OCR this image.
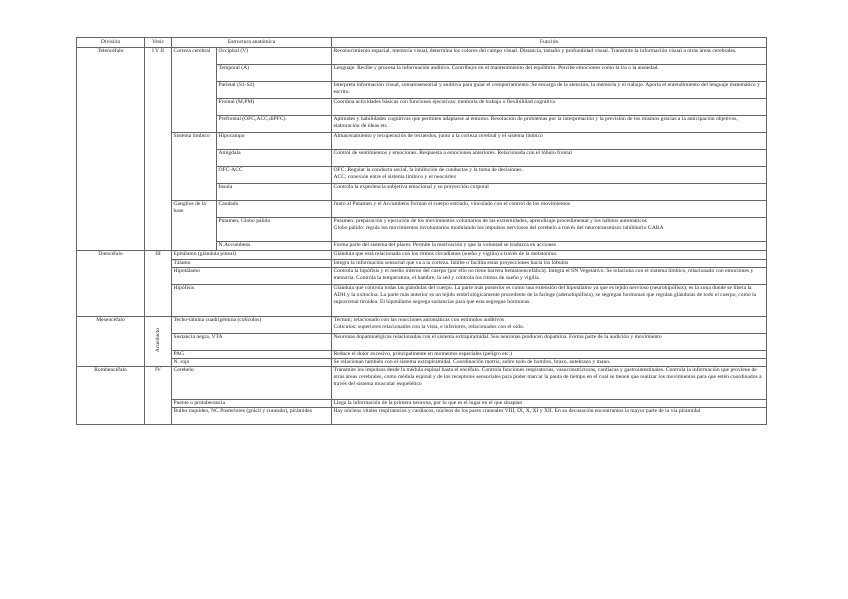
División	Vesíc	Estructura anatómica		Función
Telencéfalo	I Y II	Corteza cerebral	Occipital (V)	Reconocimiento espacial, memoria visual, determina los colores del campo visual. Distancia, tamaño y profundidad visual. Transmite la información visual a otras áreas cerebrales.
			Temporal (A)	Lenguaje. Recibe y procesa la información auditiva. Contribuye en el mantenimiento del equilibrio. Percibe emociones como la ira o la ansiedad.
			Parietal (S1-S2)	Interpreta información visual, somatosensorial y auditiva para guiar el comportamiento. Se encarga de la atención, la memoria y el trabajo. Aporta el entendimiento del lenguaje matemático y escrito.
			Frontal (M,PM)	Coordina actividades básicas con funciones ejecutivas: memoria de trabajo o flexibilidad cognitiva
			Prefrontal (OFC,ACC,dlPFC)	Aptitudes y habilidades cognitivas que permiten adaptarse al entorno. Resolución de problemas por la interpretación y la previsión de los mismos gracias a la anticipación objetivos, elaboración de ideas etc.
		Sistema límbico	Hipocampo	Almacenamiento y recuperación de recuerdos, junto a la corteza cerebral y el sistema límbico
			Amígdala	Control de sentimientos y emociones. Respuesta a emociones anteriores. Relacionada con el lóbulo frontal
			OFC-ACC	OFC: Regular la conducta social, la inhibición de conductas y la toma de decisiones.
ACC: conexión entre el sistema límbico y el neocórtex

			Ínsula	Controla la experiencia subjetiva emocional y su proyección corporal
		Ganglios de la base	Caudado	Junto al Putamen y el Accumbens forman el cuerpo estriado, vinculado con el control de los movimientos
			Putamen, Globo pálido	Putamen: preparación y ejecución de los movimientos voluntarios de las extremidades, aprendizaje procedimental y los hábitos automáticos
Globo pálido: regula los movimientos involuntarios modulando los impulsos nerviosos del cerebelo a través del neurotransmisor inhibitorio GABA

			N.Accumbens	Forma parte del sistema del placer. Permite la motivación y que la voluntad se traduzca en acciones
Diencéfalo	III	Epitálamo (glándula pineal)		Glándula que está relacionada con los ritmos circadianos (sueño y vigilia) a través de la melatonina.
		Tálamo		Integra la información sensorial que va a la corteza. Inhibe o facilita estas proyecciones hacia los lóbulos
		Hipotálamo		Controla la hipófisis y el medio interno del cuerpo (por ello no tiene barrera hematoencefálica). Integra el SN Vegetativo. Se relaciona con el sistema límbico, relacionado con emociones y memoria. Controla la temperatura, el hambre, la sed y controla los ritmos de sueño y vigilia.
		Hipófisis		Glándula que controla todas las glándulas del cuerpo. La parte más posterior es como una extensión del hipotálamo ya que es tejido nervioso (neurohipófisis); es la zona donde se libera la ADH y la oxitocina. La parte más anterior es un tejido embriológicamente procedente de la faringe (adenohipófisis), se segregan hormonas que regulan glándulas de todo el cuerpo, como la suprarrenal tiroidea. El hipotálamo segrega sustancias para que esta segregue hormonas.
Mesencéfalo	Acueducto	Techo-lámina cuadrigémina (colículos)		Téctum; relacionado con las reacciones automáticas con estímulos auditivos
Colículos: superiores relacionados con la vista, e inferiores, relacionados con el oído.

		Sustancia negra, VTA		Neuronas dopaminérgicas relacionadas con el sistema extrapiramidal. Sus neuronas producen dopamina. Forma parte de la audición y movimiento
		PAG		Reduce el dolor excesivo, principalmente en momentos especiales (peligro etc.)
		N. rojo		Se relacionan también con el sistema extrapiramidal. Coordinación motriz, sobre todo de hombro, brazo, antebrazo y mano.
Rombencéfalo	IV	Cerebelo		Transmite los impulsos desde la médula espinal hasta el encéfalo. Controla funciones respiratorias, vasoconstrictoras, cardíacas y gastrointestinales. Controla la información que proviene de otras áreas cerebrales, como médula espinal y de los receptores sensoriales para poder marcar la pauta de tiempo en el cual se tienen que realizar los movimientos para que estén coordinados a través del sistema muscular esquelético
		Puente o protuberancia		Llega la información de la primera neurona, por lo que es el lugar en el que sinaptan
		Bulbo raquídeo, NC Posteriores (grácil y cuneado), pirámides		Hay núcleos vitales respiratorios y cardíacos, núcleos de los pares craneales VIII, IX, X, XI y XII. En su decusación encontramos la mayor parte de la vía piramidal
